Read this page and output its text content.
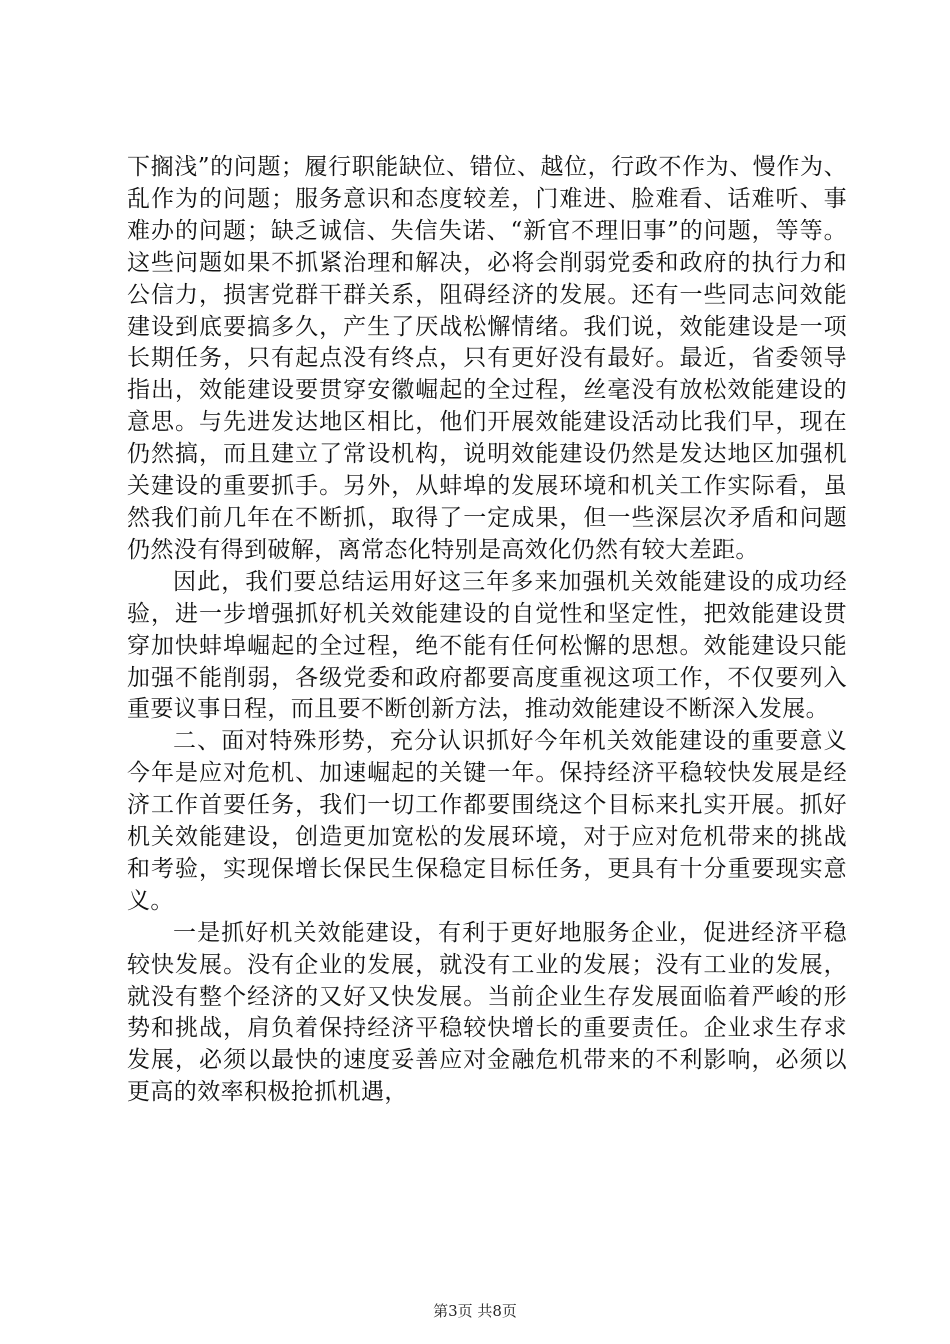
下搁浅”的问题；履行职能缺位、错位、越位，行政不作为、慢作为、乱作为的问题；服务意识和态度较差，门难进、脸难看、话难听、事难办的问题；缺乏诚信、失信失诺、“新官不理旧事”的问题，等等。这些问题如果不抓紧治理和解决，必将会削弱党委和政府的执行力和公信力，损害党群干群关系，阻碍经济的发展。还有一些同志问效能建设到底要搞多久，产生了厌战松懈情绪。我们说，效能建设是一项长期任务，只有起点没有终点，只有更好没有最好。最近，省委领导指出，效能建设要贯穿安徽崛起的全过程，丝毫没有放松效能建设的意思。与先进发达地区相比，他们开展效能建设活动比我们早，现在仍然搞，而且建立了常设机构，说明效能建设仍然是发达地区加强机关建设的重要抓手。另外，从蚌埠的发展环境和机关工作实际看，虽然我们前几年在不断抓，取得了一定成果，但一些深层次矛盾和问题仍然没有得到破解，离常态化特别是高效化仍然有较大差距。

因此，我们要总结运用好这三年多来加强机关效能建设的成功经验，进一步增强抓好机关效能建设的自觉性和坚定性，把效能建设贯穿加快蚌埠崛起的全过程，绝不能有任何松懈的思想。效能建设只能加强不能削弱，各级党委和政府都要高度重视这项工作，不仅要列入重要议事日程，而且要不断创新方法，推动效能建设不断深入发展。

二、面对特殊形势，充分认识抓好今年机关效能建设的重要意义今年是应对危机、加速崛起的关键一年。保持经济平稳较快发展是经济工作首要任务，我们一切工作都要围绕这个目标来扎实开展。抓好机关效能建设，创造更加宽松的发展环境，对于应对危机带来的挑战和考验，实现保增长保民生保稳定目标任务，更具有十分重要现实意义。

一是抓好机关效能建设，有利于更好地服务企业，促进经济平稳较快发展。没有企业的发展，就没有工业的发展；没有工业的发展，就没有整个经济的又好又快发展。当前企业生存发展面临着严峻的形势和挑战，肩负着保持经济平稳较快增长的重要责任。企业求生存求发展，必须以最快的速度妥善应对金融危机带来的不利影响，必须以更高的效率积极抢抓机遇，

第3页 共8页
